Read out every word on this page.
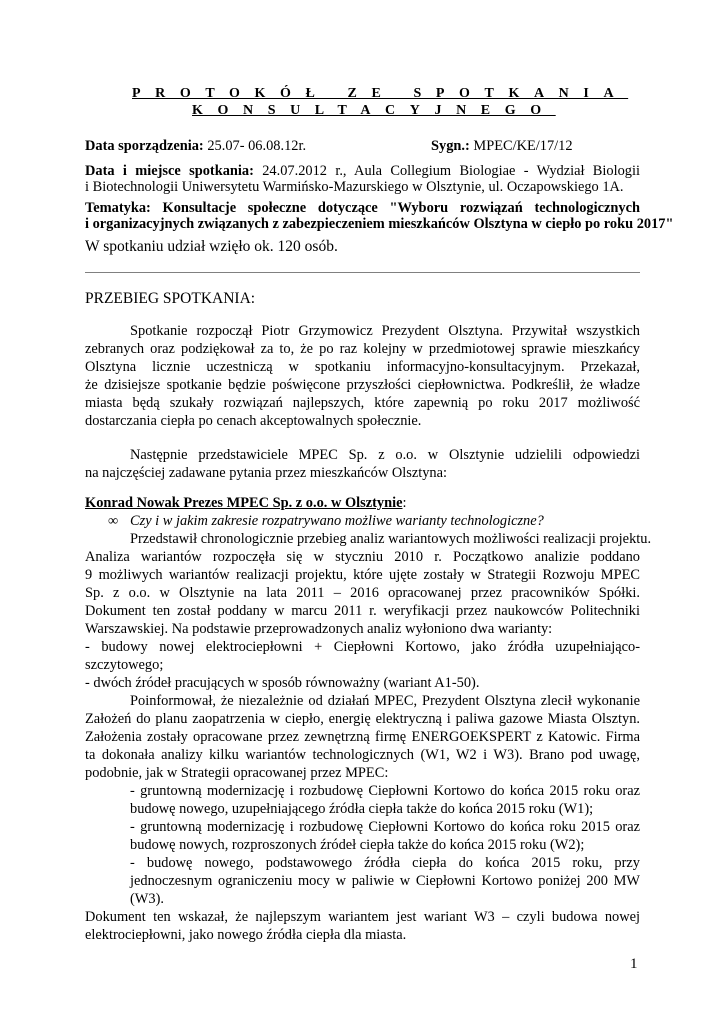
PROTOKÓŁ ZE SPOTKANIA
KONSULTACYJNEGO
Data sporządzenia: 25.07- 06.08.12r.	Sygn.: MPEC/KE/17/12
Data i miejsce spotkania: 24.07.2012 r., Aula Collegium Biologiae - Wydział Biologii
i Biotechnologii Uniwersytetu Warmińsko-Mazurskiego w Olsztynie, ul. Oczapowskiego 1A.
Tematyka: Konsultacje społeczne dotyczące "Wyboru rozwiązań technologicznych
i organizacyjnych związanych z zabezpieczeniem mieszkańców Olsztyna w ciepło po roku 2017"
W spotkaniu udział wzięło ok. 120 osób.
PRZEBIEG SPOTKANIA:
Spotkanie rozpoczął Piotr Grzymowicz Prezydent Olsztyna. Przywitał wszystkich
zebranych oraz podziękował za to, że po raz kolejny w przedmiotowej sprawie mieszkańcy
Olsztyna licznie uczestniczą w spotkaniu informacyjno-konsultacyjnym. Przekazał,
że dzisiejsze spotkanie będzie poświęcone przyszłości ciepłownictwa. Podkreślił, że władze
miasta będą szukały rozwiązań najlepszych, które zapewnią po roku 2017 możliwość
dostarczania ciepła po cenach akceptowalnych społecznie.
Następnie przedstawiciele MPEC Sp. z o.o. w Olsztynie udzielili odpowiedzi
na najczęściej zadawane pytania przez mieszkańców Olsztyna:
Konrad Nowak Prezes MPEC Sp. z o.o. w Olsztynie:
∞ Czy i w jakim zakresie rozpatrywano możliwe warianty technologiczne?
Przedstawił chronologicznie przebieg analiz wariantowych możliwości realizacji projektu.
Analiza wariantów rozpoczęła się w styczniu 2010 r. Początkowo analizie poddano
9 możliwych wariantów realizacji projektu, które ujęte zostały w Strategii Rozwoju MPEC
Sp. z o.o. w Olsztynie na lata 2011 – 2016 opracowanej przez pracowników Spółki.
Dokument ten został poddany w marcu 2011 r. weryfikacji przez naukowców Politechniki
Warszawskiej. Na podstawie przeprowadzonych analiz wyłoniono dwa warianty:
- budowy nowej elektrociepłowni + Ciepłowni Kortowo, jako źródła uzupełniająco-
szczytowego;
- dwóch źródeł pracujących w sposób równoważny (wariant A1-50).
Poinformował, że niezależnie od działań MPEC, Prezydent Olsztyna zlecił wykonanie
Założeń do planu zaopatrzenia w ciepło, energię elektryczną i paliwa gazowe Miasta Olsztyn.
Założenia zostały opracowane przez zewnętrzną firmę ENERGOEKSPERT z Katowic. Firma
ta dokonała analizy kilku wariantów technologicznych (W1, W2 i W3). Brano pod uwagę,
podobnie, jak w Strategii opracowanej przez MPEC:
- gruntowną modernizację i rozbudowę Ciepłowni Kortowo do końca 2015 roku oraz
budowę nowego, uzupełniającego źródła ciepła także do końca 2015 roku (W1);
- gruntowną modernizację i rozbudowę Ciepłowni Kortowo do końca roku 2015 oraz
budowę nowych, rozproszonych źródeł ciepła także do końca 2015 roku (W2);
- budowę nowego, podstawowego źródła ciepła do końca 2015 roku, przy
jednoczesnym ograniczeniu mocy w paliwie w Ciepłowni Kortowo poniżej 200 MW
(W3).
Dokument ten wskazał, że najlepszym wariantem jest wariant W3 – czyli budowa nowej
elektrociepłowni, jako nowego źródła ciepła dla miasta.
1
